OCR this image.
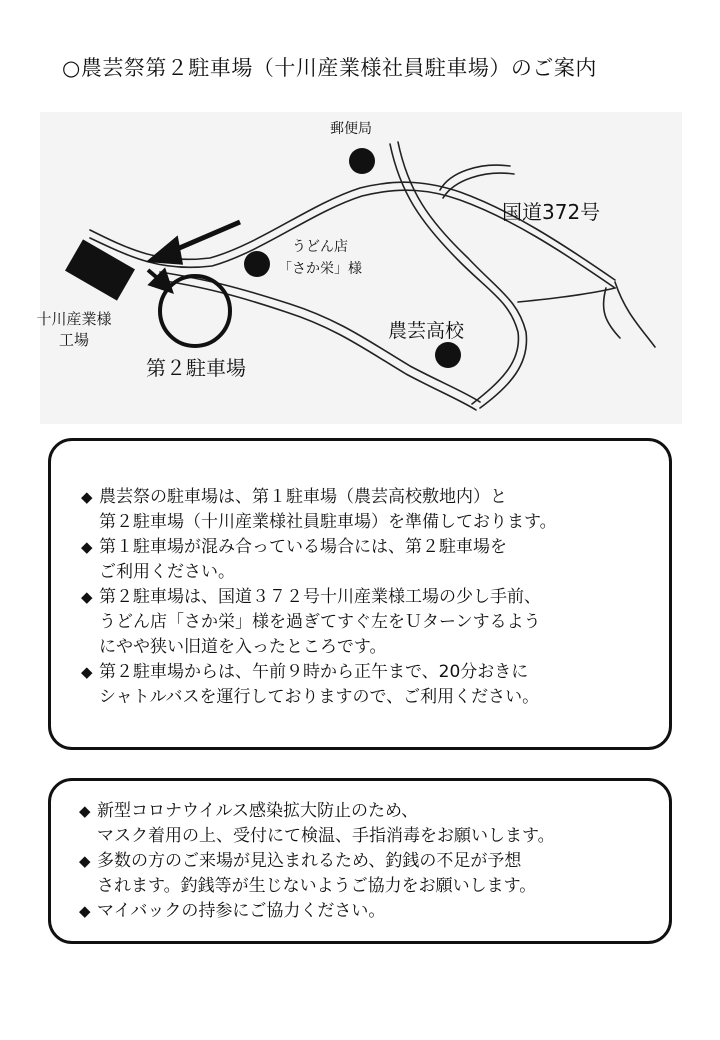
○農芸祭第２駐車場（十川産業様社員駐車場）のご案内
郵便局
国道372号
うどん店
「さか栄」様
農芸高校
十川産業様
工場
第２駐車場
◆ 農芸祭の駐車場は、第１駐車場（農芸高校敷地内）と
第２駐車場（十川産業様社員駐車場）を準備しております。
◆ 第１駐車場が混み合っている場合には、第２駐車場を
ご利用ください。
◆ 第２駐車場は、国道３７２号十川産業様工場の少し手前、
うどん店「さか栄」様を過ぎてすぐ左をＵターンするよう
にやや狭い旧道を入ったところです。
◆ 第２駐車場からは、午前９時から正午まで、20分おきに
シャトルバスを運行しておりますので、ご利用ください。
◆ 新型コロナウイルス感染拡大防止のため、
マスク着用の上、受付にて検温、手指消毒をお願いします。
◆ 多数の方のご来場が見込まれるため、釣銭の不足が予想
されます。釣銭等が生じないようご協力をお願いします。
◆ マイバックの持参にご協力ください。
